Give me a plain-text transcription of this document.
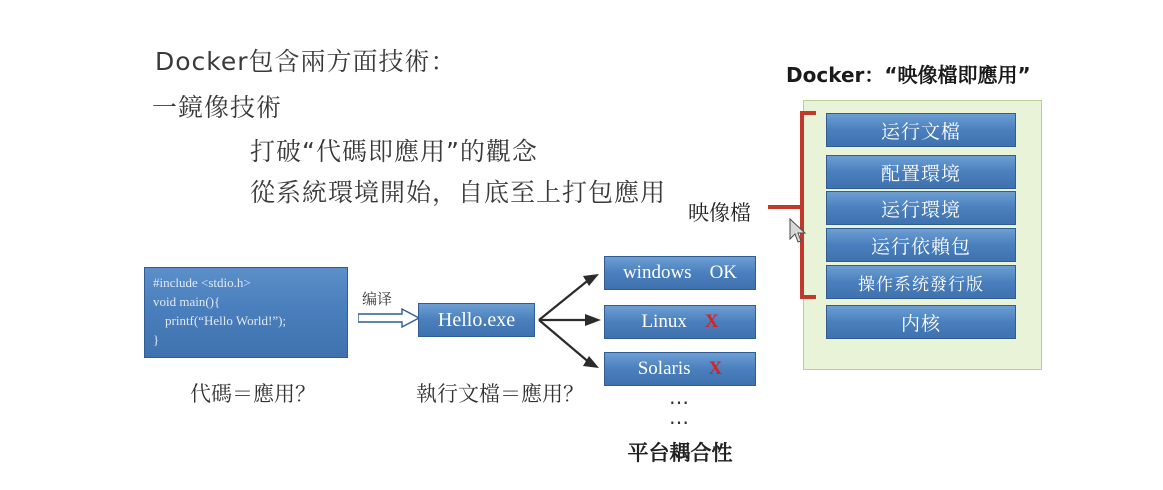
Docker包含兩方面技術：
一鏡像技術
打破“代碼即應用”的觀念
從系統環境開始，自底至上打包應用
#include <stdio.h>
void main(){
printf(“Hello World!”);
}
代碼＝應用？
编译
Hello.exe
執行文檔＝應用？
windows OK
Linux X
Solaris X
…
…
平台耦合性
Docker：“映像檔即應用”
运行文檔
配置環境
运行環境
运行依賴包
操作系统發行版
内核
映像檔
